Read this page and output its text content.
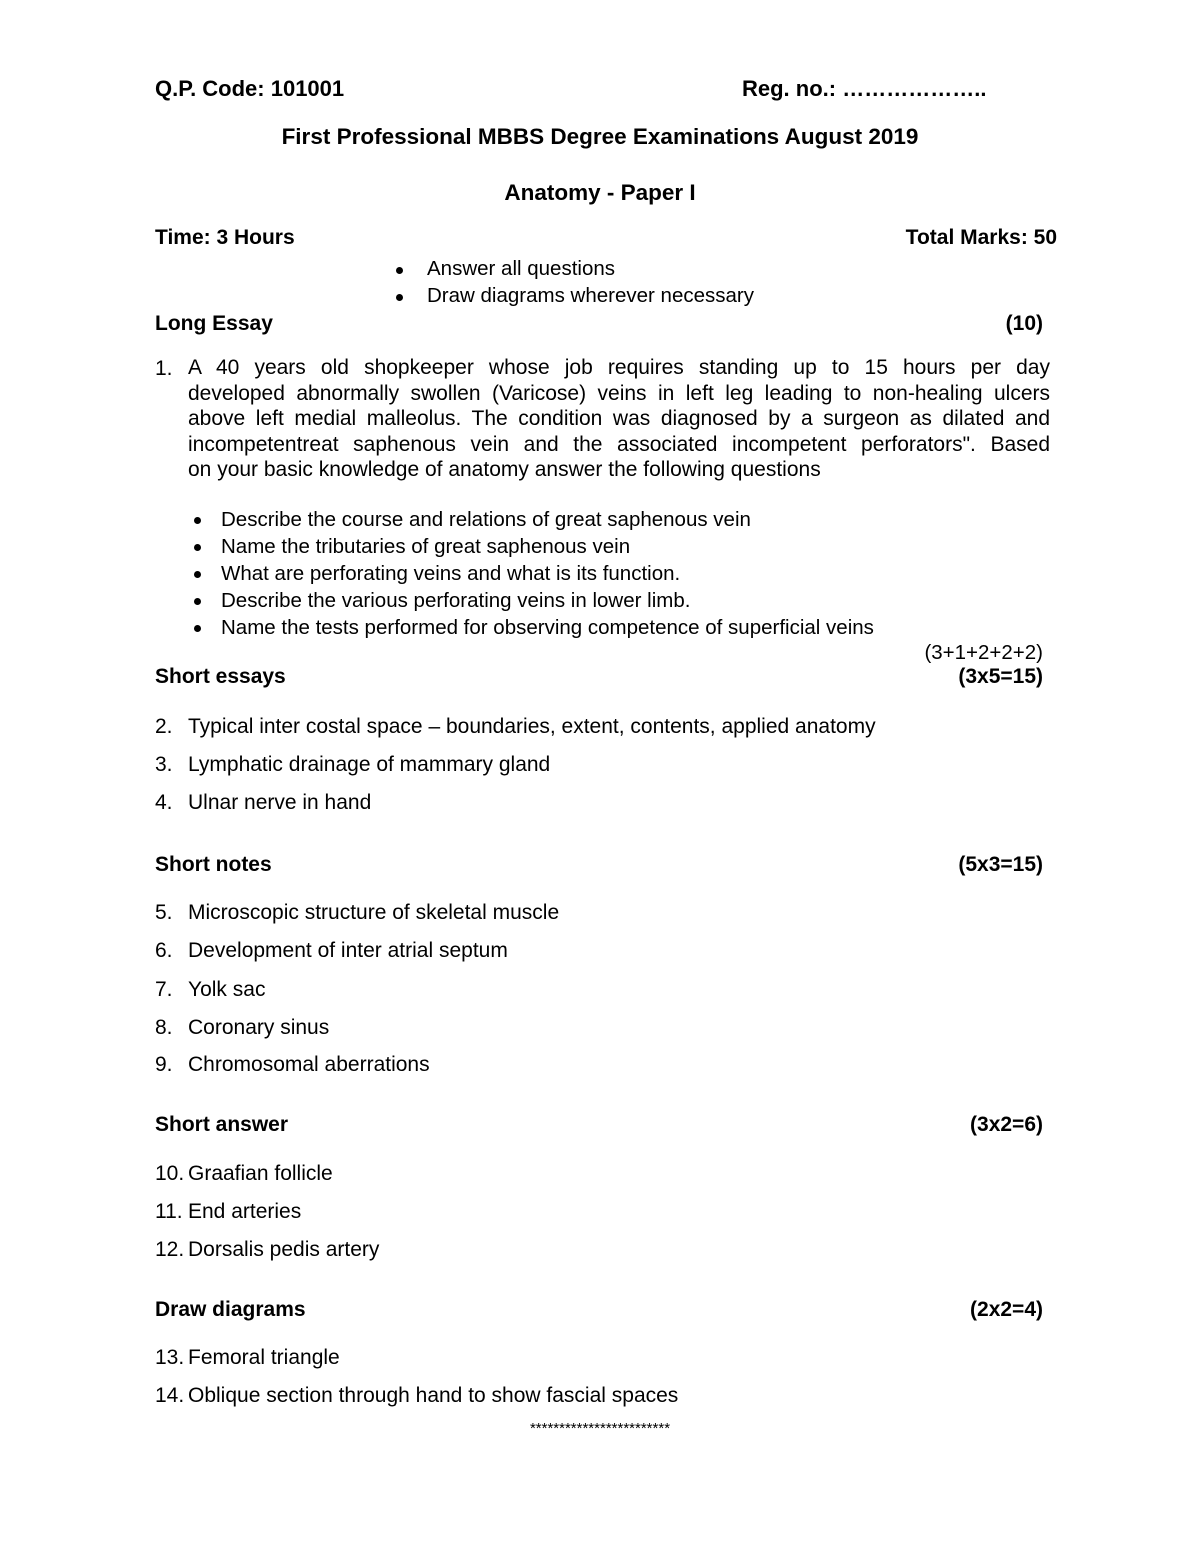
Q.P. Code: 101001	Reg. no.: ………………..
First Professional MBBS Degree Examinations August 2019
Anatomy - Paper I
Time: 3 Hours	Total Marks: 50
Answer all questions
Draw diagrams wherever necessary
Long Essay	(10)
1. A 40 years old shopkeeper whose job requires standing up to 15 hours per day
developed abnormally swollen (Varicose) veins in left leg leading to non-healing ulcers
above left medial malleolus. The condition was diagnosed by a surgeon as dilated and
incompetentreat saphenous vein and the associated incompetent perforators". Based
on your basic knowledge of anatomy answer the following questions
Describe the course and relations of great saphenous vein
Name the tributaries of great saphenous vein
What are perforating veins and what is its function.
Describe the various perforating veins in lower limb.
Name the tests performed for observing competence of superficial veins
(3+1+2+2+2)
Short essays	(3x5=15)
2. Typical inter costal space – boundaries, extent, contents, applied anatomy
3. Lymphatic drainage of mammary gland
4. Ulnar nerve in hand
Short notes	(5x3=15)
5. Microscopic structure of skeletal muscle
6. Development of inter atrial septum
7. Yolk sac
8. Coronary sinus
9. Chromosomal aberrations
Short answer	(3x2=6)
10. Graafian follicle
11. End arteries
12. Dorsalis pedis artery
Draw diagrams	(2x2=4)
13. Femoral triangle
14. Oblique section through hand to show fascial spaces
************************
